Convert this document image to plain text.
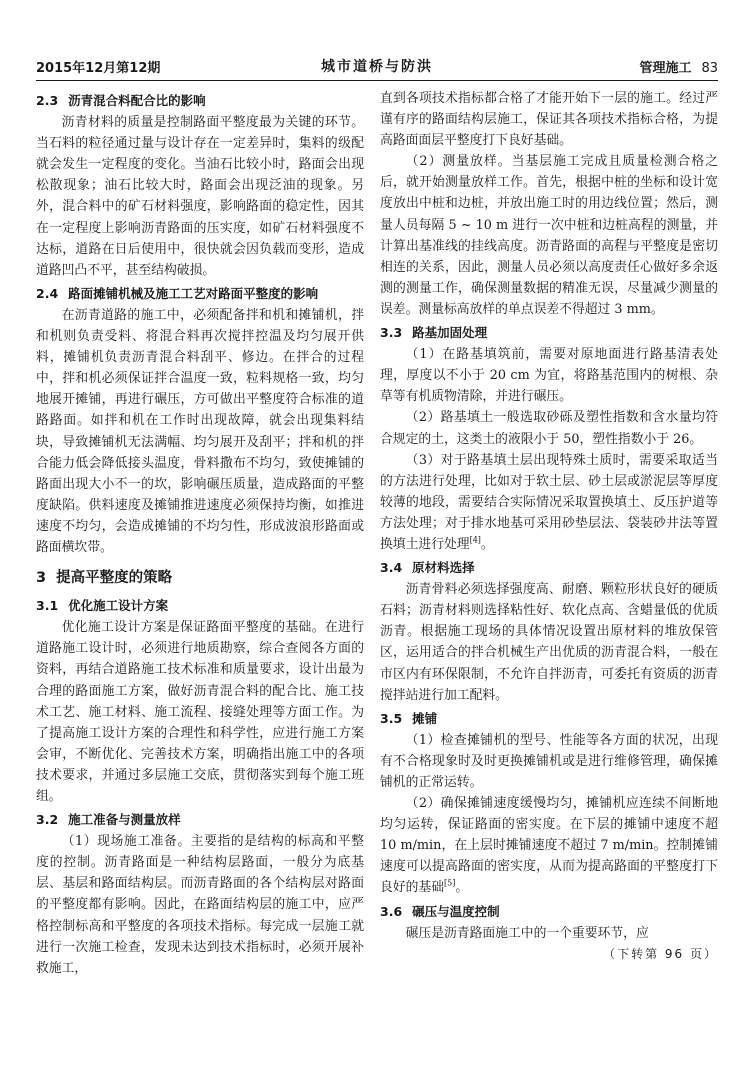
2015年12月第12期	城市道桥与防洪	管理施工 83
2.3 沥青混合料配合比的影响

沥青材料的质量是控制路面平整度最为关键的环节。当石料的粒径通过量与设计存在一定差异时，集料的级配就会发生一定程度的变化。当油石比较小时，路面会出现松散现象；油石比较大时，路面会出现泛油的现象。另外，混合料中的矿石材料强度，影响路面的稳定性，因其在一定程度上影响沥青路面的压实度，如矿石材料强度不达标，道路在日后使用中，很快就会因负载而变形，造成道路凹凸不平，甚至结构破损。

2.4 路面摊铺机械及施工工艺对路面平整度的影响

在沥青道路的施工中，必须配备拌和机和摊铺机，拌和机则负责受料、将混合料再次搅拌控温及均匀展开供料，摊铺机负责沥青混合料刮平、修边。在拌合的过程中，拌和机必须保证拌合温度一致，粒料规格一致，均匀地展开摊铺，再进行碾压，方可做出平整度符合标准的道路路面。如拌和机在工作时出现故障，就会出现集料结块，导致摊铺机无法满幅、均匀展开及刮平；拌和机的拌合能力低会降低接头温度，骨料撒布不均匀，致使摊铺的路面出现大小不一的坎，影响碾压质量，造成路面的平整度缺陷。供料速度及摊铺推进速度必须保持均衡，如推进速度不均匀，会造成摊铺的不均匀性，形成波浪形路面或路面横坎带。

3 提高平整度的策略
3.1 优化施工设计方案

优化施工设计方案是保证路面平整度的基础。在进行道路施工设计时，必须进行地质勘察，综合查阅各方面的资料，再结合道路施工技术标准和质量要求，设计出最为合理的路面施工方案，做好沥青混合料的配合比、施工技术工艺、施工材料、施工流程、接缝处理等方面工作。为了提高施工设计方案的合理性和科学性，应进行施工方案会审，不断优化、完善技术方案，明确指出施工中的各项技术要求，并通过多层施工交底，贯彻落实到每个施工班组。

3.2 施工准备与测量放样

（1）现场施工准备。主要指的是结构的标高和平整度的控制。沥青路面是一种结构层路面，一般分为底基层、基层和路面结构层。而沥青路面的各个结构层对路面的平整度都有影响。因此，在路面结构层的施工中，应严格控制标高和平整度的各项技术指标。每完成一层施工就进行一次施工检查，发现未达到技术指标时，必须开展补救施工，

直到各项技术指标都合格了才能开始下一层的施工。经过严谨有序的路面结构层施工，保证其各项技术指标合格，为提高路面面层平整度打下良好基础。

（2）测量放样。当基层施工完成且质量检测合格之后，就开始测量放样工作。首先，根据中桩的坐标和设计宽度放出中桩和边桩，并放出施工时的用边线位置；然后，测量人员每隔 5 ~ 10 m 进行一次中桩和边桩高程的测量，并计算出基准线的挂线高度。沥青路面的高程与平整度是密切相连的关系，因此，测量人员必须以高度责任心做好多余返测的测量工作，确保测量数据的精准无误，尽量减少测量的误差。测量标高放样的单点误差不得超过 3 mm。

3.3 路基加固处理

（1）在路基填筑前，需要对原地面进行路基清表处理，厚度以不小于 20 cm 为宜，将路基范围内的树根、杂草等有机质物清除，并进行碾压。

（2）路基填土一般选取砂砾及塑性指数和含水量均符合规定的土，这类土的液限小于 50，塑性指数小于 26。

（3）对于路基填土层出现特殊土质时，需要采取适当的方法进行处理，比如对于软土层、砂土层或淤泥层等厚度较薄的地段，需要结合实际情况采取置换填土、反压护道等方法处理；对于排水地基可采用砂垫层法、袋装砂井法等置换填土进行处理[4]。

3.4 原材料选择

沥青骨料必须选择强度高、耐磨、颗粒形状良好的硬质石料；沥青材料则选择粘性好、软化点高、含蜡量低的优质沥青。根据施工现场的具体情况设置出原材料的堆放保管区，运用适合的拌合机械生产出优质的沥青混合料，一般在市区内有环保限制，不允许自拌沥青，可委托有资质的沥青搅拌站进行加工配料。

3.5 摊铺

（1）检查摊铺机的型号、性能等各方面的状况，出现有不合格现象时及时更换摊铺机或是进行维修管理，确保摊铺机的正常运转。

（2）确保摊铺速度缓慢均匀，摊铺机应连续不间断地均匀运转，保证路面的密实度。在下层的摊铺中速度不超 10 m/min，在上层时摊铺速度不超过 7 m/min。控制摊铺速度可以提高路面的密实度，从而为提高路面的平整度打下良好的基础[5]。

3.6 碾压与温度控制

碾压是沥青路面施工中的一个重要环节，应

（下转第 96 页）
